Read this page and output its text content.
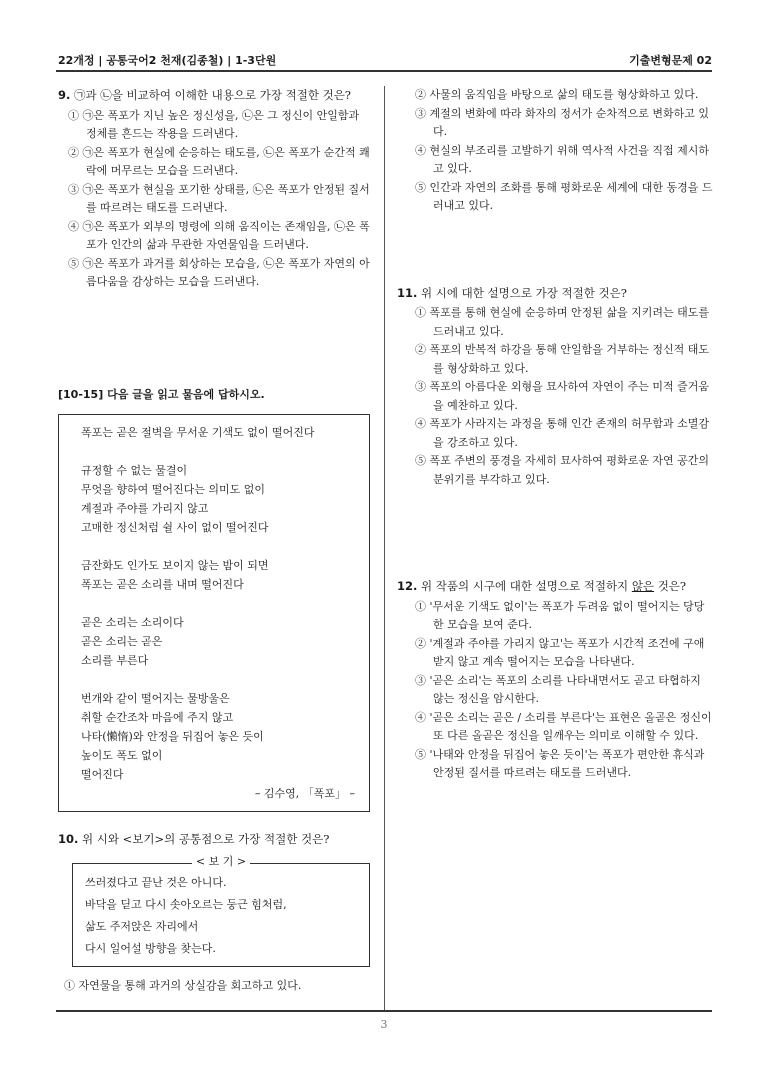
22개정 | 공통국어2 천재(김종철) | 1-3단원	기출변형문제 02
3

9. ㉠과 ㉡을 비교하여 이해한 내용으로 가장 적절한 것은?

① ㉠은 폭포가 지닌 높은 정신성을, ㉡은 그 정신이 안일함과 정체를 흔드는 작용을 드러낸다.

② ㉠은 폭포가 현실에 순응하는 태도를, ㉡은 폭포가 순간적 쾌락에 머무르는 모습을 드러낸다.

③ ㉠은 폭포가 현실을 포기한 상태를, ㉡은 폭포가 안정된 질서를 따르려는 태도를 드러낸다.

④ ㉠은 폭포가 외부의 명령에 의해 움직이는 존재임을, ㉡은 폭포가 인간의 삶과 무관한 자연물임을 드러낸다.

⑤ ㉠은 폭포가 과거를 회상하는 모습을, ㉡은 폭포가 자연의 아름다움을 감상하는 모습을 드러낸다.

[10-15] 다음 글을 읽고 물음에 답하시오.

폭포는 곧은 절벽을 무서운 기색도 없이 떨어진다
규정할 수 없는 물결이
무엇을 향하여 떨어진다는 의미도 없이
계절과 주야를 가리지 않고
고매한 정신처럼 쉴 사이 없이 떨어진다
금잔화도 인가도 보이지 않는 밤이 되면
폭포는 곧은 소리를 내며 떨어진다
곧은 소리는 소리이다
곧은 소리는 곧은
소리를 부른다
번개와 같이 떨어지는 물방울은
취할 순간조차 마음에 주지 않고
나타(懶惰)와 안정을 뒤집어 놓은 듯이
높이도 폭도 없이
떨어진다
– 김수영, 「폭포」 –

10. 위 시와 <보기>의 공통점으로 가장 적절한 것은?

< 보 기 >
쓰러졌다고 끝난 것은 아니다.
바닥을 딛고 다시 솟아오르는 둥근 힘처럼,
삶도 주저앉은 자리에서
다시 일어설 방향을 찾는다.

① 자연물을 통해 과거의 상실감을 회고하고 있다.

② 사물의 움직임을 바탕으로 삶의 태도를 형상화하고 있다.

③ 계절의 변화에 따라 화자의 정서가 순차적으로 변화하고 있다.

④ 현실의 부조리를 고발하기 위해 역사적 사건을 직접 제시하고 있다.

⑤ 인간과 자연의 조화를 통해 평화로운 세계에 대한 동경을 드러내고 있다.

11. 위 시에 대한 설명으로 가장 적절한 것은?

① 폭포를 통해 현실에 순응하며 안정된 삶을 지키려는 태도를 드러내고 있다.

② 폭포의 반복적 하강을 통해 안일함을 거부하는 정신적 태도를 형상화하고 있다.

③ 폭포의 아름다운 외형을 묘사하여 자연이 주는 미적 즐거움을 예찬하고 있다.

④ 폭포가 사라지는 과정을 통해 인간 존재의 허무함과 소멸감을 강조하고 있다.

⑤ 폭포 주변의 풍경을 자세히 묘사하여 평화로운 자연 공간의 분위기를 부각하고 있다.

12. 위 작품의 시구에 대한 설명으로 적절하지 않은 것은?

① '무서운 기색도 없이'는 폭포가 두려움 없이 떨어지는 당당한 모습을 보여 준다.

② '계절과 주야를 가리지 않고'는 폭포가 시간적 조건에 구애받지 않고 계속 떨어지는 모습을 나타낸다.

③ '곧은 소리'는 폭포의 소리를 나타내면서도 곧고 타협하지 않는 정신을 암시한다.

④ '곧은 소리는 곧은 / 소리를 부른다'는 표현은 올곧은 정신이 또 다른 올곧은 정신을 일깨우는 의미로 이해할 수 있다.

⑤ '나태와 안정을 뒤집어 놓은 듯이'는 폭포가 편안한 휴식과 안정된 질서를 따르려는 태도를 드러낸다.
